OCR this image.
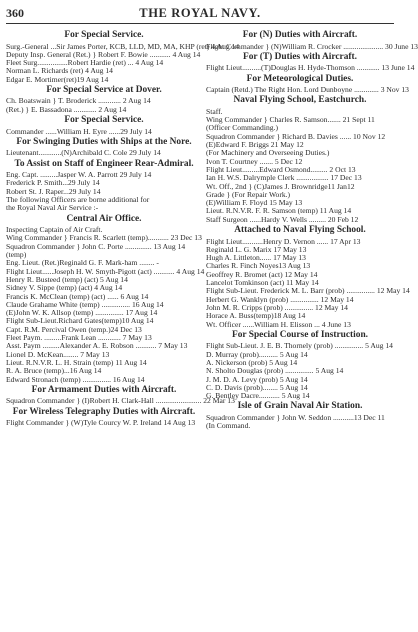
360	THE ROYAL NAVY.
For Special Service.
Surg.-General ...Sir James Porter, KCB, LLD, MD, MA, KHP (ret) 4 Aug 14
Deputy Insp. General (Ret.) } Robert F. Bowie ........... 4 Aug 14
Fleet Surg................Robert Hardie (ret) ... 4 Aug 14
Norman L. Richards (ret) 4 Aug 14
Edgar E. Mortimer(ret)19 Aug 14
For Special Service at Dover.
Ch. Boatswain } T. Broderick ............ 2 Aug 14
(Ret.) } E. Bassadona ............ 2 Aug 14
For Special Service.
Commander ......William H. Eyre ......29 July 14
For Swinging Duties with Ships at the Nore.
Lieutenant............(N)Archibald C. Cole 29 July 14
To Assist on Staff of Engineer Rear-Admiral.
Eng. Capt. .........Jasper W. A. Parrott 29 July 14
Frederick P. Smith...29 July 14
Robert St. J. Raper...29 July 14
The following Officers are borne additional for
the Royal Naval Air Service :-
Central Air Office.
Inspecting Captain of Air Craft.
Wing Commander } Francis R. Scarlett (temp)........... 23 Dec 13
Squadron Commander } John C. Porte .............. 13 Aug 14
(temp)
Eng. Lieut. (Ret.)Reginald G. F. Mark-ham ........ -
Flight Lieut......Joseph H. W. Smyth-Pigott (act) ........... 4 Aug 14
Henry R. Busteed (temp) (act) 5 Aug 14
Sidney V. Sippe (temp) (act) 4 Aug 14
Francis K. McClean (temp) (act) ...... 6 Aug 14
Claude Grahame White (temp) ............... 16 Aug 14
(E)John W. K. Allsop (temp) ............... 17 Aug 14
Flight Sub-Lieut.Richard Gates(temp)10 Aug 14
Capt. R.M. Percival Owen (temp.)24 Dec 13
Fleet Paym. .........Frank Lean ............ 7 May 13
Asst. Paym .........Alexander A. E. Robson ........... 7 May 13
Lionel D. McKean........ 7 May 13
Lieut. R.N.V.R. L. H. Strain (temp) 11 Aug 14
R. A. Bruce (temp)...16 Aug 14
Edward Stronach (temp) ............... 16 Aug 14
For Armament Duties with Aircraft.
Squadron Commander } (I)Robert H. Clark-Hall ........................ 22 Mar 13
For Wireless Telegraphy Duties with Aircraft.
Flight Commander } (W)Tyle Courcy W. P. Ireland 14 Aug 13
For (N) Duties with Aircraft.
Flight Commander } (N)William R. Crocker ..................... 30 June 13
For (T) Duties with Aircraft.
Flight Lieut..........(T)Douglas H. Hyde-Thomson ............ 13 June 14
For Meteorological Duties.
Captain (Retd.) The Right Hon. Lord Dunboyne ............. 3 Nov 13
Naval Flying School, Eastchurch.
Staff.
Wing Commander } Charles R. Samson....... 21 Sept 11
(Officer Commanding.)
Squadron Commander } Richard B. Davies ...... 10 Nov 12
(E)Edward F. Briggs 21 May 12
(For Machinery and Overseeing Duties.)
Ivon T. Courtney ....... 5 Dec 12
Flight Lieut.........Edward Osmond......... 2 Oct 13
Ian H. W.S. Dalrymple Clerk ................. 17 Dec 13
Wt. Off., 2nd } (C)James J. Brownridge11 Jan12
Grade } (For Repair Work.)
(E)William F. Floyd 15 May 13
Lieut. R.N.V.R. F. R. Samson (temp) 11 Aug 14
Staff Surgeon ......Hardy V. Wells ......... 20 Feb 12
Attached to Naval Flying School.
Flight Lieut...........Henry D. Vernon ...... 17 Apr 13
Reginald L. G. Marix 17 May 13
Hugh A. Littleton...... 17 May 13
Charles R. Finch Noyes13 Aug 13
Geoffrey R. Bromet (act) 12 May 14
Lancelot Tomkinson (act) 11 May 14
Flight Sub-Lieut. Frederick M. L. Barr (prob) ............... 12 May 14
Herbert G. Wanklyn (prob) ............... 12 May 14
John M. R. Cripps (prob) ............... 12 May 14
Horace A. Buss(temp)18 Aug 14
Wt. Officer ......William H. Elisson ... 4 June 13
For Special Course of Instruction.
Flight Sub-Lieut. J. E. B. Thornely (prob) ............... 5 Aug 14
D. Murray (prob).......... 5 Aug 14
A. Nickerson (prob) 5 Aug 14
N. Sholto Douglas (prob) ............... 5 Aug 14
J. M. D. A. Levy (prob) 5 Aug 14
C. D. Davis (prob)........ 5 Aug 14
G. Bentley Dacre........... 5 Aug 14
Isle of Grain Naval Air Station.
Squadron Commander } John W. Seddon ...........13 Dec 11
(In Command.
